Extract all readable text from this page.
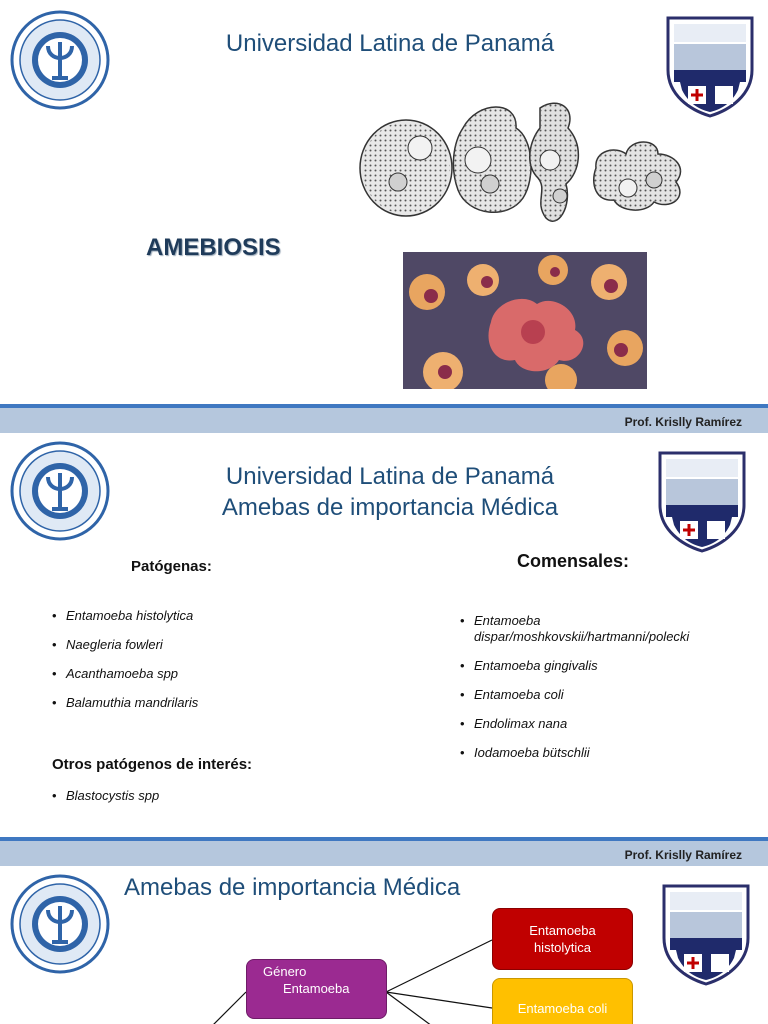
Universidad Latina de Panamá
AMEBIOSIS
Prof. Krislly Ramírez
Universidad Latina de Panamá
Amebas de importancia Médica
Patógenas:	Comensales:
• Entamoeba histolytica
• Naegleria fowleri
• Acanthamoeba spp
• Balamuthia mandrilaris
Otros patógenos de interés:
• Blastocystis spp
• Entamoeba dispar/moshkovskii/hartmanni/polecki
• Entamoeba gingivalis
• Entamoeba coli
• Endolimax nana
• Iodamoeba bütschlii
Prof. Krislly Ramírez
Amebas de importancia Médica
Género
Entamoeba
Entamoeba
histolytica
Entamoeba coli
